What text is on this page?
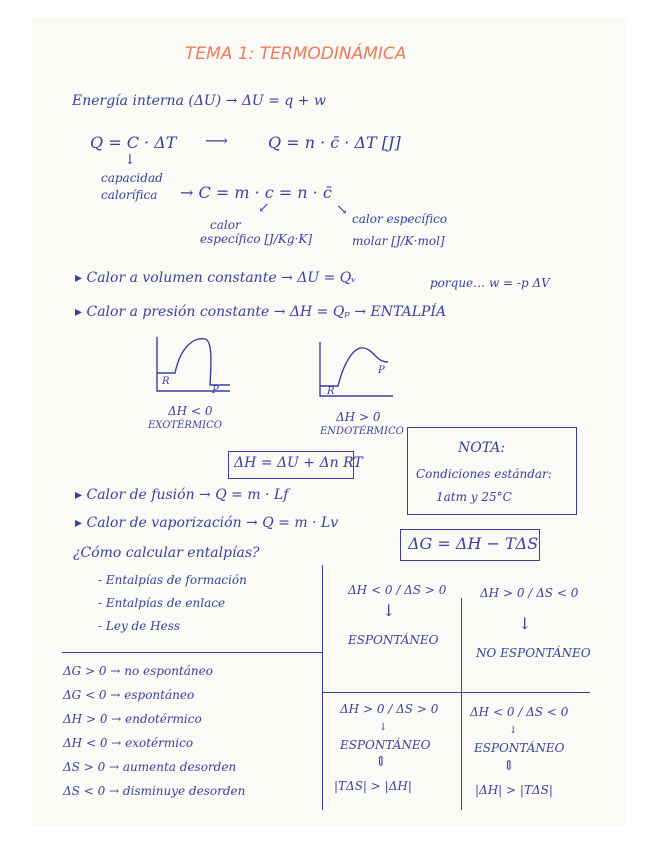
TEMA 1: TERMODINÁMICA
Energía interna (ΔU) → ΔU = q + w
Q = C · ΔT ⟶	Q = n · c̄ · ΔT [J]
↓
capacidad
calorífica → C = m · c = n · c̄
↙	↘
calor
específico [J/Kg·K]
calor específico
molar [J/K·mol]
▸ Calor a volumen constante → ΔU = Qᵥ	porque… w = -p ΔV
▸ Calor a presión constante → ΔH = Qₚ → ENTALPÍA
R
P
ΔH < 0
EXOTÉRMICO
R
P
ΔH > 0
ENDOTÉRMICO
ΔH = ΔU + Δn RT
NOTA:
Condiciones estándar:
1atm y 25°C
▸ Calor de fusión → Q = m · Lf
▸ Calor de vaporización → Q = m · Lv
ΔG = ΔH − TΔS
¿Cómo calcular entalpías?
- Entalpías de formación
- Entalpías de enlace
- Ley de Hess
ΔG > 0 → no espontáneo
ΔG < 0 → espontáneo
ΔH > 0 → endotérmico
ΔH < 0 → exotérmico
ΔS > 0 → aumenta desorden
ΔS < 0 → disminuye desorden
ΔH < 0 / ΔS > 0
↓
ESPONTÁNEO
ΔH > 0 / ΔS < 0
↓
NO ESPONTÁNEO
ΔH > 0 / ΔS > 0
↓
ESPONTÁNEO
⇕
|TΔS| > |ΔH|
ΔH < 0 / ΔS < 0
↓
ESPONTÁNEO
⇕
|ΔH| > |TΔS|
